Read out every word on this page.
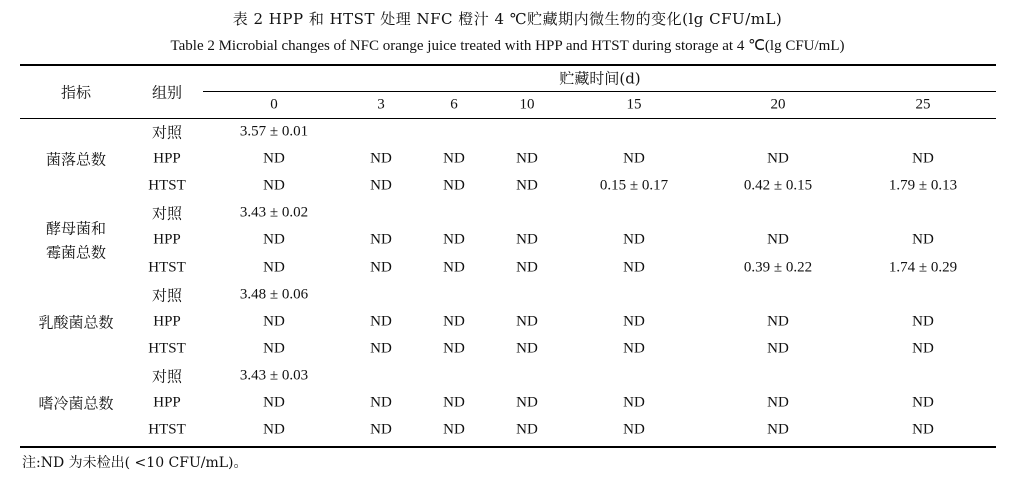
表 2 HPP 和 HTST 处理 NFC 橙汁 4 ℃贮藏期内微生物的变化(lg CFU/mL)
Table 2 Microbial changes of NFC orange juice treated with HPP and HTST during storage at 4 ℃(lg CFU/mL)
指标	组别
贮藏时间(d)
0	3	6	10	15	20	25
菌落总数
对照	3.57 ± 0.01
HPP	ND	ND	ND	ND	ND	ND	ND
HTST	ND	ND	ND	ND	0.15 ± 0.17	0.42 ± 0.15	1.79 ± 0.13
酵母菌和
霉菌总数
对照	3.43 ± 0.02
HPP	ND	ND	ND	ND	ND	ND	ND
HTST	ND	ND	ND	ND	ND	0.39 ± 0.22	1.74 ± 0.29
乳酸菌总数
对照	3.48 ± 0.06
HPP	ND	ND	ND	ND	ND	ND	ND
HTST	ND	ND	ND	ND	ND	ND	ND
嗜冷菌总数
对照	3.43 ± 0.03
HPP	ND	ND	ND	ND	ND	ND	ND
HTST	ND	ND	ND	ND	ND	ND	ND
注:ND 为未检出( <10 CFU/mL)。
